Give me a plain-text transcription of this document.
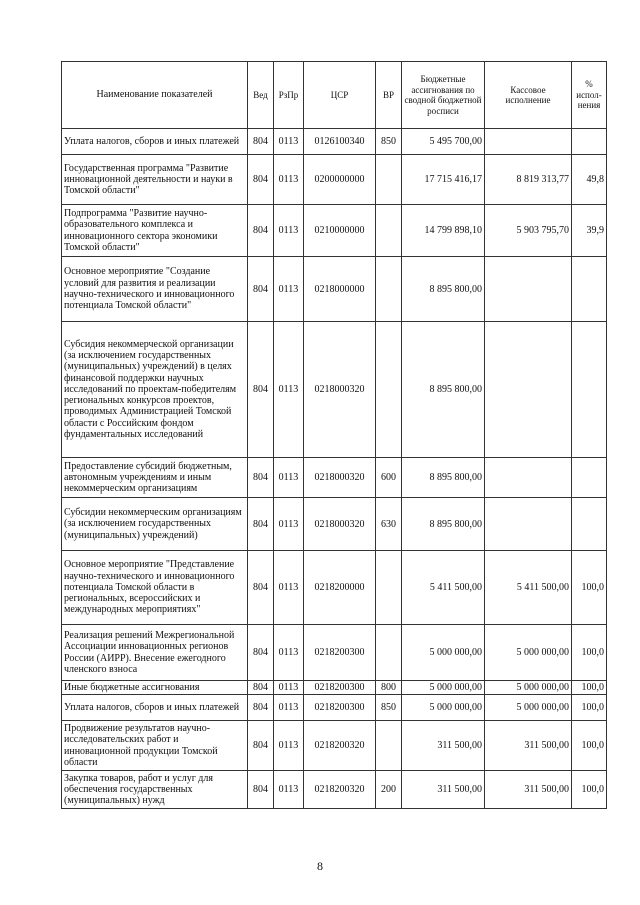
Наименование показателей	Вед	РзПр	ЦСР	ВР	Бюджетные ассигнования по сводной бюджетной росписи	Кассовое исполнение	% испол-нения
Уплата налогов, сборов и иных платежей	804	0113	0126100340	850	5 495 700,00		
Государственная программа "Развитие инновационной деятельности и науки в Томской области"	804	0113	0200000000		17 715 416,17	8 819 313,77	49,8
Подпрограмма "Развитие научно-образовательного комплекса и инновационного сектора экономики Томской области"	804	0113	0210000000		14 799 898,10	5 903 795,70	39,9
Основное мероприятие "Создание условий для развития и реализации научно-технического и инновационного потенциала Томской области"	804	0113	0218000000		8 895 800,00		
Субсидия некоммерческой организации (за исключением государственных (муниципальных) учреждений) в целях финансовой поддержки научных исследований по проектам-победителям региональных конкурсов проектов, проводимых Администрацией Томской области с Российским фондом фундаментальных исследований	804	0113	0218000320		8 895 800,00		
Предоставление субсидий бюджетным, автономным учреждениям и иным некоммерческим организациям	804	0113	0218000320	600	8 895 800,00		
Субсидии некоммерческим организациям (за исключением государственных (муниципальных) учреждений)	804	0113	0218000320	630	8 895 800,00		
Основное мероприятие "Представление научно-технического и инновационного потенциала Томской области в региональных, всероссийских и международных мероприятиях"	804	0113	0218200000		5 411 500,00	5 411 500,00	100,0
Реализация решений Межрегиональной Ассоциации инновационных регионов России (АИРР). Внесение ежегодного членского взноса	804	0113	0218200300		5 000 000,00	5 000 000,00	100,0
Иные бюджетные ассигнования	804	0113	0218200300	800	5 000 000,00	5 000 000,00	100,0
Уплата налогов, сборов и иных платежей	804	0113	0218200300	850	5 000 000,00	5 000 000,00	100,0
Продвижение результатов научно-исследовательских работ и инновационной продукции Томской области	804	0113	0218200320		311 500,00	311 500,00	100,0
Закупка товаров, работ и услуг для обеспечения государственных (муниципальных) нужд	804	0113	0218200320	200	311 500,00	311 500,00	100,0
8
